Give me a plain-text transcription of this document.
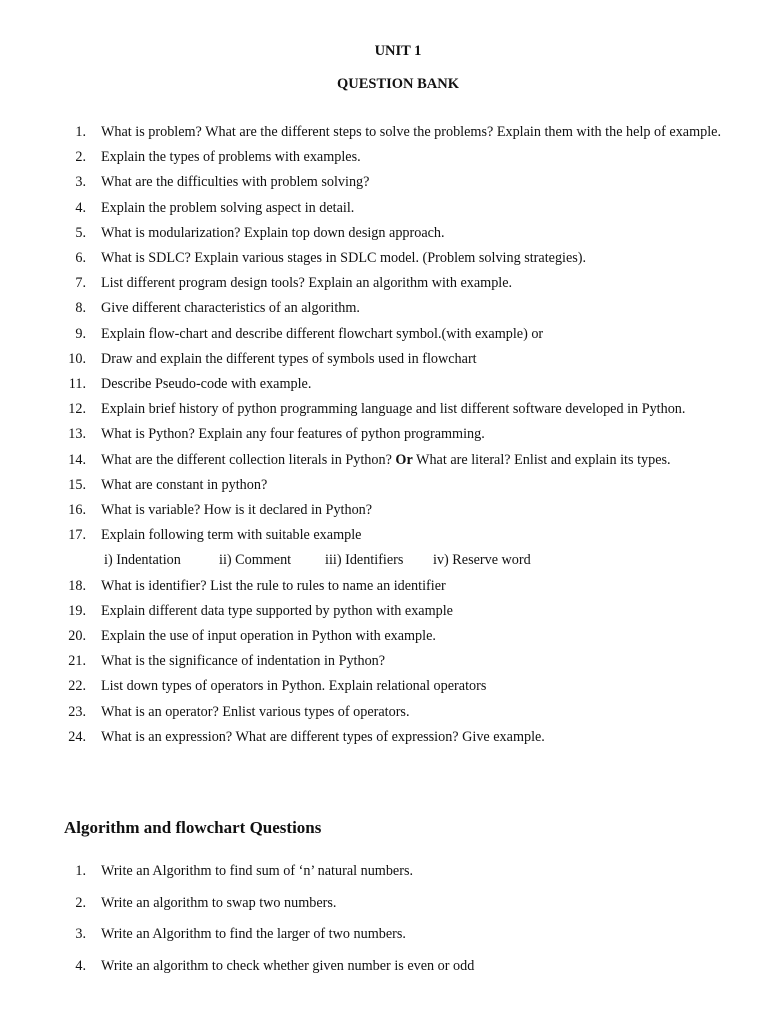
UNIT 1
QUESTION BANK
1. What is problem? What are the different steps to solve the problems? Explain them with the help of example.
2. Explain the types of problems with examples.
3. What are the difficulties with problem solving?
4. Explain the problem solving aspect in detail.
5. What is modularization? Explain top down design approach.
6. What is SDLC? Explain various stages in SDLC model. (Problem solving strategies).
7. List different program design tools? Explain an algorithm with example.
8. Give different characteristics of an algorithm.
9. Explain flow-chart and describe different flowchart symbol.(with example) or
10. Draw and explain the different types of symbols used in flowchart
11. Describe Pseudo-code with example.
12. Explain brief history of python programming language and list different software developed in Python.
13. What is Python? Explain any four features of python programming.
14. What are the different collection literals in Python? Or What are literal? Enlist and explain its types.
15. What are constant in python?
16. What is variable? How is it declared in Python?
17. Explain following term with suitable example
i) Indentation	ii) Comment iii) Identifiers iv) Reserve word
18. What is identifier? List the rule to rules to name an identifier
19. Explain different data type supported by python with example
20. Explain the use of input operation in Python with example.
21. What is the significance of indentation in Python?
22. List down types of operators in Python. Explain relational operators
23. What is an operator? Enlist various types of operators.
24. What is an expression? What are different types of expression? Give example.
Algorithm and flowchart Questions
1. Write an Algorithm to find sum of ‘n’ natural numbers.
2. Write an algorithm to swap two numbers.
3. Write an Algorithm to find the larger of two numbers.
4. Write an algorithm to check whether given number is even or odd
